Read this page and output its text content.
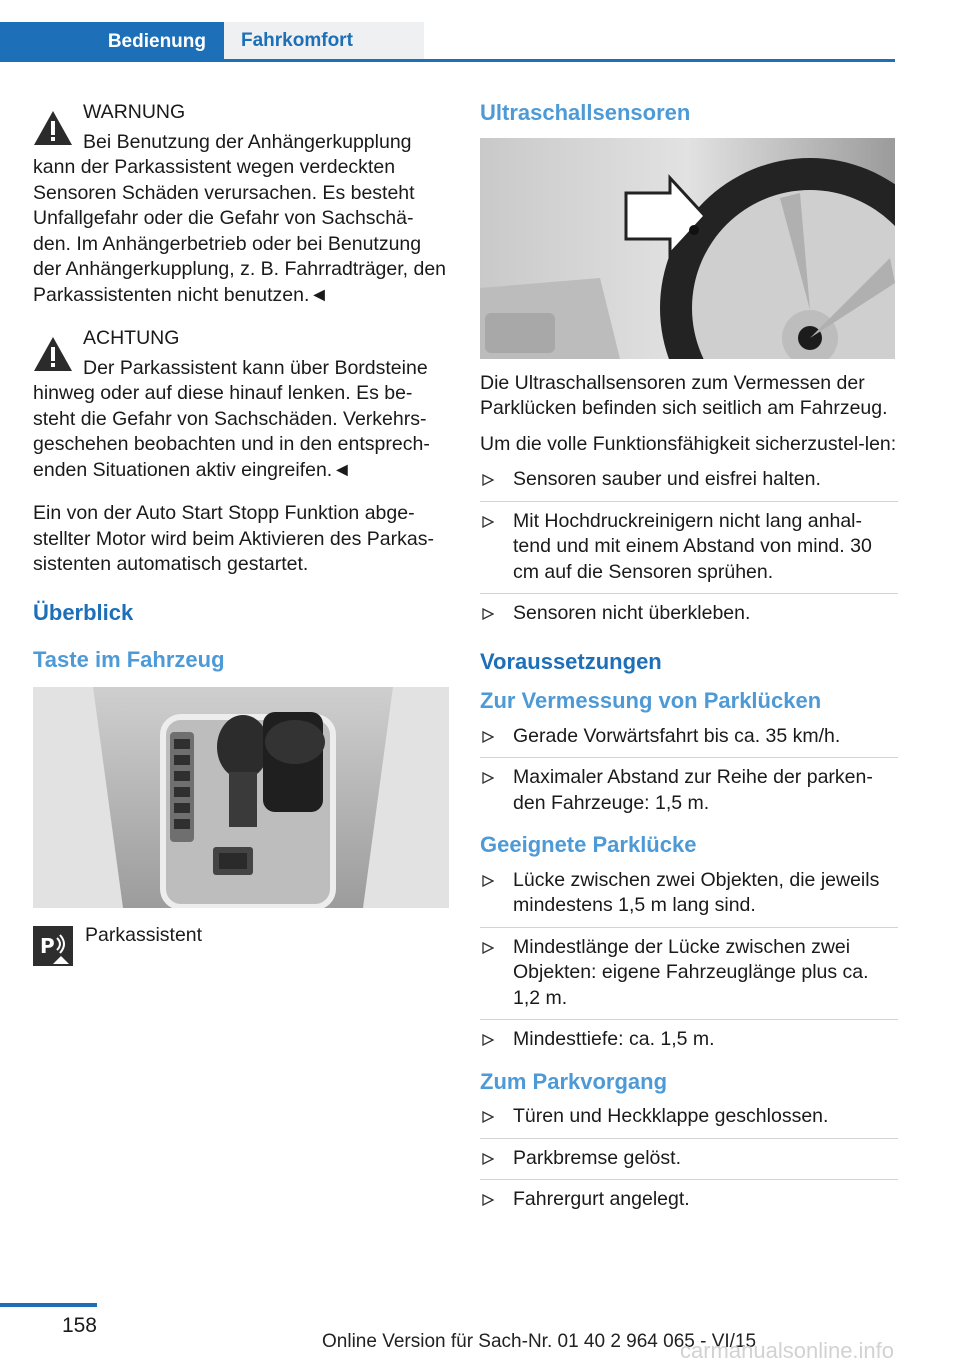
Bedienung	Fahrkomfort
WARNUNG

Bei Benutzung der Anhängerkupplung kann der Parkassistent wegen verdeckten Sensoren Schäden verursachen. Es besteht Unfallgefahr oder die Gefahr von Sachschä-den. Im Anhängerbetrieb oder bei Benutzung der Anhängerkupplung, z. B. Fahrradträger, den Parkassistenten nicht benutzen.◄

ACHTUNG

Der Parkassistent kann über Bordsteine hinweg oder auf diese hinauf lenken. Es be-steht die Gefahr von Sachschäden. Verkehrs-geschehen beobachten und in den entsprech-enden Situationen aktiv eingreifen.◄

Ein von der Auto Start Stopp Funktion abge-stellter Motor wird beim Aktivieren des Parkas-sistenten automatisch gestartet.

Überblick
Taste im Fahrzeug
P Parkassistent
Ultraschallsensoren

Die Ultraschallsensoren zum Vermessen der Parklücken befinden sich seitlich am Fahrzeug.

Um die volle Funktionsfähigkeit sicherzustel-len:

Sensoren sauber und eisfrei halten.
Mit Hochdruckreinigern nicht lang anhal-tend und mit einem Abstand von mind. 30 cm auf die Sensoren sprühen.
Sensoren nicht überkleben.
Voraussetzungen
Zur Vermessung von Parklücken
Gerade Vorwärtsfahrt bis ca. 35 km/h.
Maximaler Abstand zur Reihe der parken-den Fahrzeuge: 1,5 m.
Geeignete Parklücke
Lücke zwischen zwei Objekten, die jeweils mindestens 1,5 m lang sind.
Mindestlänge der Lücke zwischen zwei Objekten: eigene Fahrzeuglänge plus ca. 1,2 m.
Mindesttiefe: ca. 1,5 m.
Zum Parkvorgang
Türen und Heckklappe geschlossen.
Parkbremse gelöst.
Fahrergurt angelegt.
158
Online Version für Sach-Nr. 01 40 2 964 065 - VI/15
carmanualsonline.info
